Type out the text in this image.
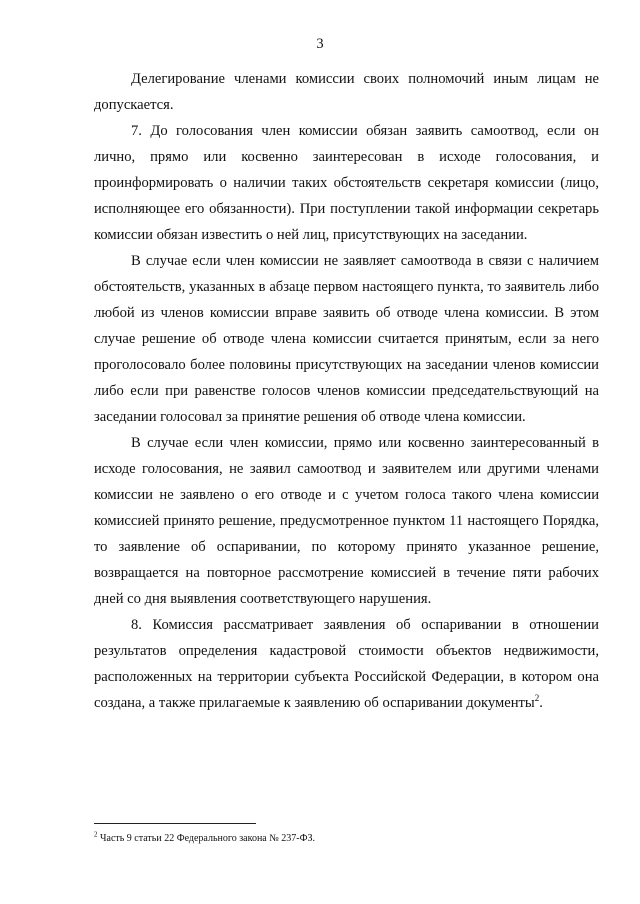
3

Делегирование членами комиссии своих полномочий иным лицам не допускается.

7. До голосования член комиссии обязан заявить самоотвод, если он лично, прямо или косвенно заинтересован в исходе голосования, и проинформировать о наличии таких обстоятельств секретаря комиссии (лицо, исполняющее его обязанности). При поступлении такой информации секретарь комиссии обязан известить о ней лиц, присутствующих на заседании.

В случае если член комиссии не заявляет самоотвода в связи с наличием обстоятельств, указанных в абзаце первом настоящего пункта, то заявитель либо любой из членов комиссии вправе заявить об отводе члена комиссии. В этом случае решение об отводе члена комиссии считается принятым, если за него проголосовало более половины присутствующих на заседании членов комиссии либо если при равенстве голосов членов комиссии председательствующий на заседании голосовал за принятие решения об отводе члена комиссии.

В случае если член комиссии, прямо или косвенно заинтересованный в исходе голосования, не заявил самоотвод и заявителем или другими членами комиссии не заявлено о его отводе и с учетом голоса такого члена комиссии комиссией принято решение, предусмотренное пунктом 11 настоящего Порядка, то заявление об оспаривании, по которому принято указанное решение, возвращается на повторное рассмотрение комиссией в течение пяти рабочих дней со дня выявления соответствующего нарушения.

8. Комиссия рассматривает заявления об оспаривании в отношении результатов определения кадастровой стоимости объектов недвижимости, расположенных на территории субъекта Российской Федерации, в котором она создана, а также прилагаемые к заявлению об оспаривании документы$^2$.

$^2$ Часть 9 статьи 22 Федерального закона № 237-ФЗ.
